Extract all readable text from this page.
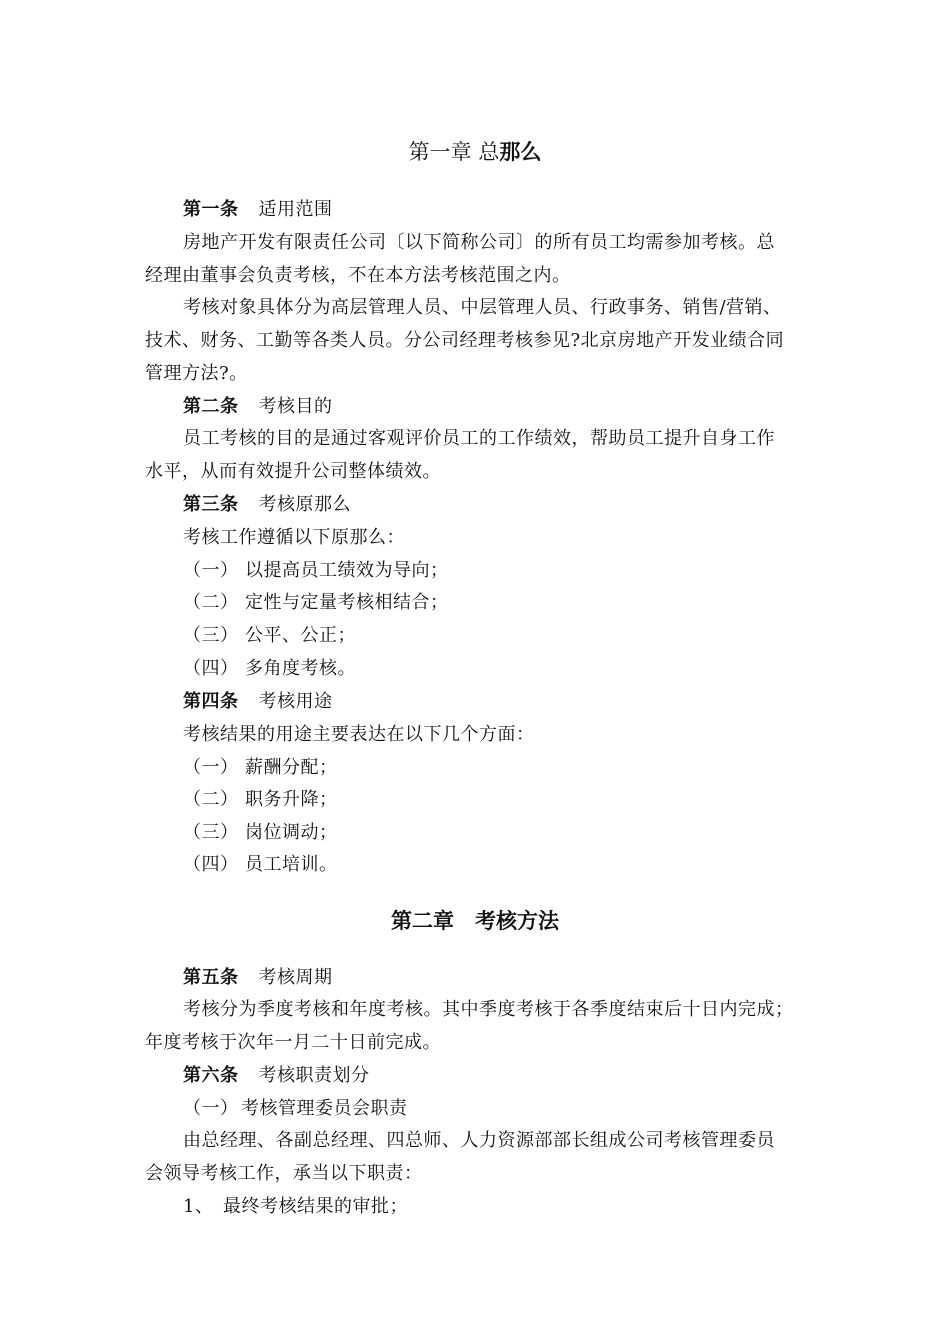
第一章 总那么
第一条 适用范围
房地产开发有限责任公司〔以下简称公司〕的所有员工均需参加考核。总
经理由董事会负责考核，不在本方法考核范围之内。
考核对象具体分为高层管理人员、中层管理人员、行政事务、销售/营销、
技术、财务、工勤等各类人员。分公司经理考核参见?北京房地产开发业绩合同
管理方法?。
第二条 考核目的
员工考核的目的是通过客观评价员工的工作绩效，帮助员工提升自身工作
水平，从而有效提升公司整体绩效。
第三条 考核原那么
考核工作遵循以下原那么：
（一） 以提高员工绩效为导向；
（二） 定性与定量考核相结合；
（三） 公平、公正；
（四） 多角度考核。
第四条 考核用途
考核结果的用途主要表达在以下几个方面：
（一） 薪酬分配；
（二） 职务升降；
（三） 岗位调动；
（四） 员工培训。
第二章　考核方法
第五条 考核周期
考核分为季度考核和年度考核。其中季度考核于各季度结束后十日内完成；
年度考核于次年一月二十日前完成。
第六条 考核职责划分
（一） 考核管理委员会职责
由总经理、各副总经理、四总师、人力资源部部长组成公司考核管理委员
会领导考核工作，承当以下职责：
1、 最终考核结果的审批；
